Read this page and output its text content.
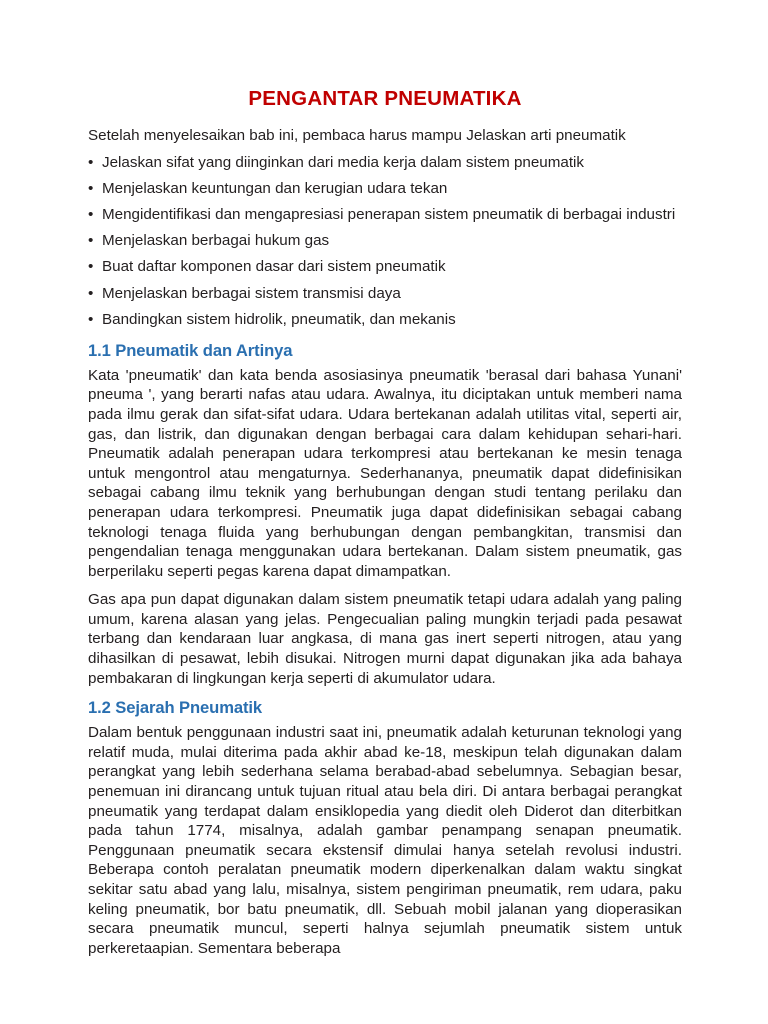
PENGANTAR PNEUMATIKA

Setelah menyelesaikan bab ini, pembaca harus mampu Jelaskan arti pneumatik

• Jelaskan sifat yang diinginkan dari media kerja dalam sistem pneumatik
• Menjelaskan keuntungan dan kerugian udara tekan
• Mengidentifikasi dan mengapresiasi penerapan sistem pneumatik di berbagai industri
• Menjelaskan berbagai hukum gas
• Buat daftar komponen dasar dari sistem pneumatik
• Menjelaskan berbagai sistem transmisi daya
• Bandingkan sistem hidrolik, pneumatik, dan mekanis
1.1 Pneumatik dan Artinya

Kata 'pneumatik' dan kata benda asosiasinya pneumatik 'berasal dari bahasa Yunani' pneuma ', yang berarti nafas atau udara. Awalnya, itu diciptakan untuk memberi nama pada ilmu gerak dan sifat-sifat udara. Udara bertekanan adalah utilitas vital, seperti air, gas, dan listrik, dan digunakan dengan berbagai cara dalam kehidupan sehari-hari. Pneumatik adalah penerapan udara terkompresi atau bertekanan ke mesin tenaga untuk mengontrol atau mengaturnya. Sederhananya, pneumatik dapat didefinisikan sebagai cabang ilmu teknik yang berhubungan dengan studi tentang perilaku dan penerapan udara terkompresi. Pneumatik juga dapat didefinisikan sebagai cabang teknologi tenaga fluida yang berhubungan dengan pembangkitan, transmisi dan pengendalian tenaga menggunakan udara bertekanan. Dalam sistem pneumatik, gas berperilaku seperti pegas karena dapat dimampatkan.

Gas apa pun dapat digunakan dalam sistem pneumatik tetapi udara adalah yang paling umum, karena alasan yang jelas. Pengecualian paling mungkin terjadi pada pesawat terbang dan kendaraan luar angkasa, di mana gas inert seperti nitrogen, atau yang dihasilkan di pesawat, lebih disukai. Nitrogen murni dapat digunakan jika ada bahaya pembakaran di lingkungan kerja seperti di akumulator udara.

1.2 Sejarah Pneumatik

Dalam bentuk penggunaan industri saat ini, pneumatik adalah keturunan teknologi yang relatif muda, mulai diterima pada akhir abad ke-18, meskipun telah digunakan dalam perangkat yang lebih sederhana selama berabad-abad sebelumnya. Sebagian besar, penemuan ini dirancang untuk tujuan ritual atau bela diri. Di antara berbagai perangkat pneumatik yang terdapat dalam ensiklopedia yang diedit oleh Diderot dan diterbitkan pada tahun 1774, misalnya, adalah gambar penampang senapan pneumatik. Penggunaan pneumatik secara ekstensif dimulai hanya setelah revolusi industri. Beberapa contoh peralatan pneumatik modern diperkenalkan dalam waktu singkat sekitar satu abad yang lalu, misalnya, sistem pengiriman pneumatik, rem udara, paku keling pneumatik, bor batu pneumatik, dll. Sebuah mobil jalanan yang dioperasikan secara pneumatik muncul, seperti halnya sejumlah pneumatik sistem untuk perkeretaapian. Sementara beberapa
